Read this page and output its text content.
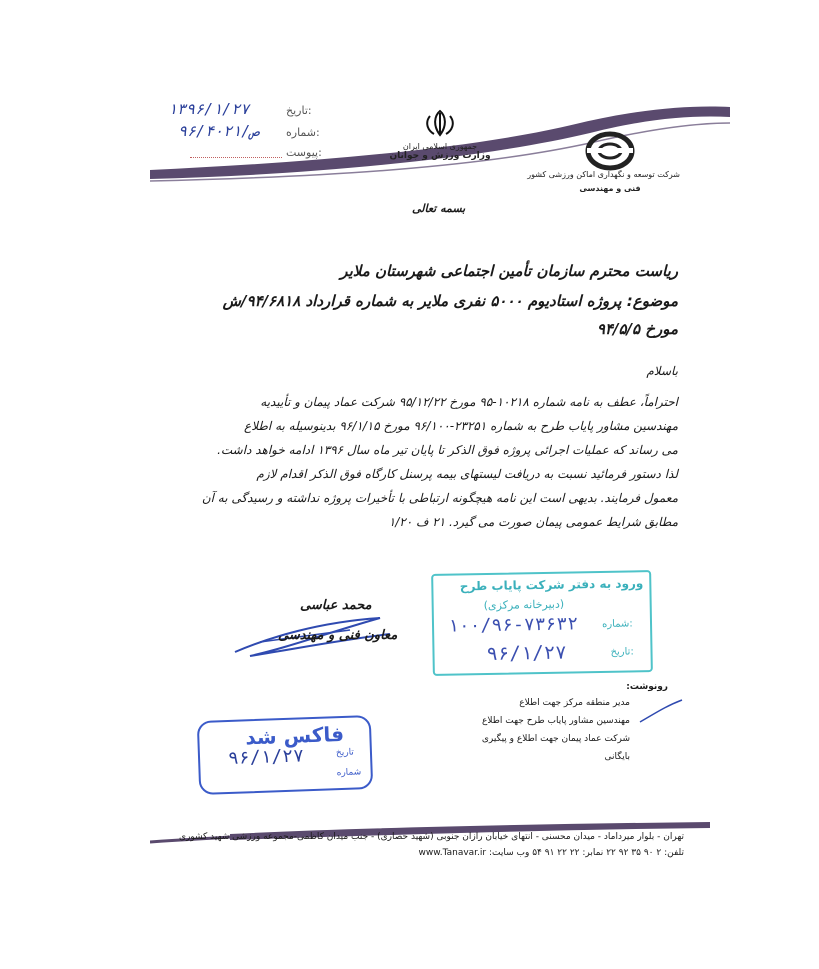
۱۳۹۶/۱/۲۷	تاریخ:
ص/۹۶/۴۰۲۱ شماره:
پیوست:	جمهوری اسلامی ایران
وزارت ورزش و جوانان
شرکت توسعه و نگهداری اماکن ورزشی کشور
فنی و مهندسی
بسمه تعالی
ریاست محترم سازمان تأمین اجتماعی شهرستان ملایر
موضوع: پروژه استادیوم ۵۰۰۰ نفری ملایر به شماره قرارداد ۹۴/۶۸۱۸/ش
مورخ ۹۴/۵/۵
باسلام
احتراماً، عطف به نامه شماره ۱۰۲۱۸-۹۵ مورخ ۹۵/۱۲/۲۲ شرکت عماد پیمان و تأییدیه
مهندسین مشاور پایاب طرح به شماره ۲۳۲۵۱-۹۶/۱۰۰ مورخ ۹۶/۱/۱۵ بدینوسیله به اطلاع
می رساند که عملیات اجرائی پروژه فوق الذکر تا پایان تیر ماه سال ۱۳۹۶ ادامه خواهد داشت.
لذا دستور فرمائید نسبت به دریافت لیستهای بیمه پرسنل کارگاه فوق الذکر اقدام لازم
معمول فرمایند. بدیهی است این نامه هیچگونه ارتباطی با تأخیرات پروژه نداشته و رسیدگی به آن
مطابق شرایط عمومی پیمان صورت می گیرد. ۲۱ ف ۱/۲۰
ورود به دفتر شرکت پایاب طرح
(دبیرخانه مرکزی)
شماره:
۱۰۰/۹۶-۷۳۶۳۲
تاریخ:
۹۶/۱/۲۷
محمد عباسی
معاون فنی و مهندسی
رونوشت:
مدیر منطقه مرکز جهت اطلاع
مهندسین مشاور پایاب طرح جهت اطلاع
شرکت عماد پیمان جهت اطلاع و پیگیری
بایگانی
فاکس شد
تاریخ
۹۶/۱/۲۷
شماره
تهران - بلوار میرداماد - میدان محسنی - انتهای خیابان رازان جنوبی (شهید حصاری) - جنب میدان کاظمی-مجموعه ورزشی شهید کشوری
تلفن: ۲ ۹۰ ۳۵ ۹۲ ۲۲ نمابر: ۲۲ ۲۲ ۹۱ ۵۴ وب سایت: www.Tanavar.ir
